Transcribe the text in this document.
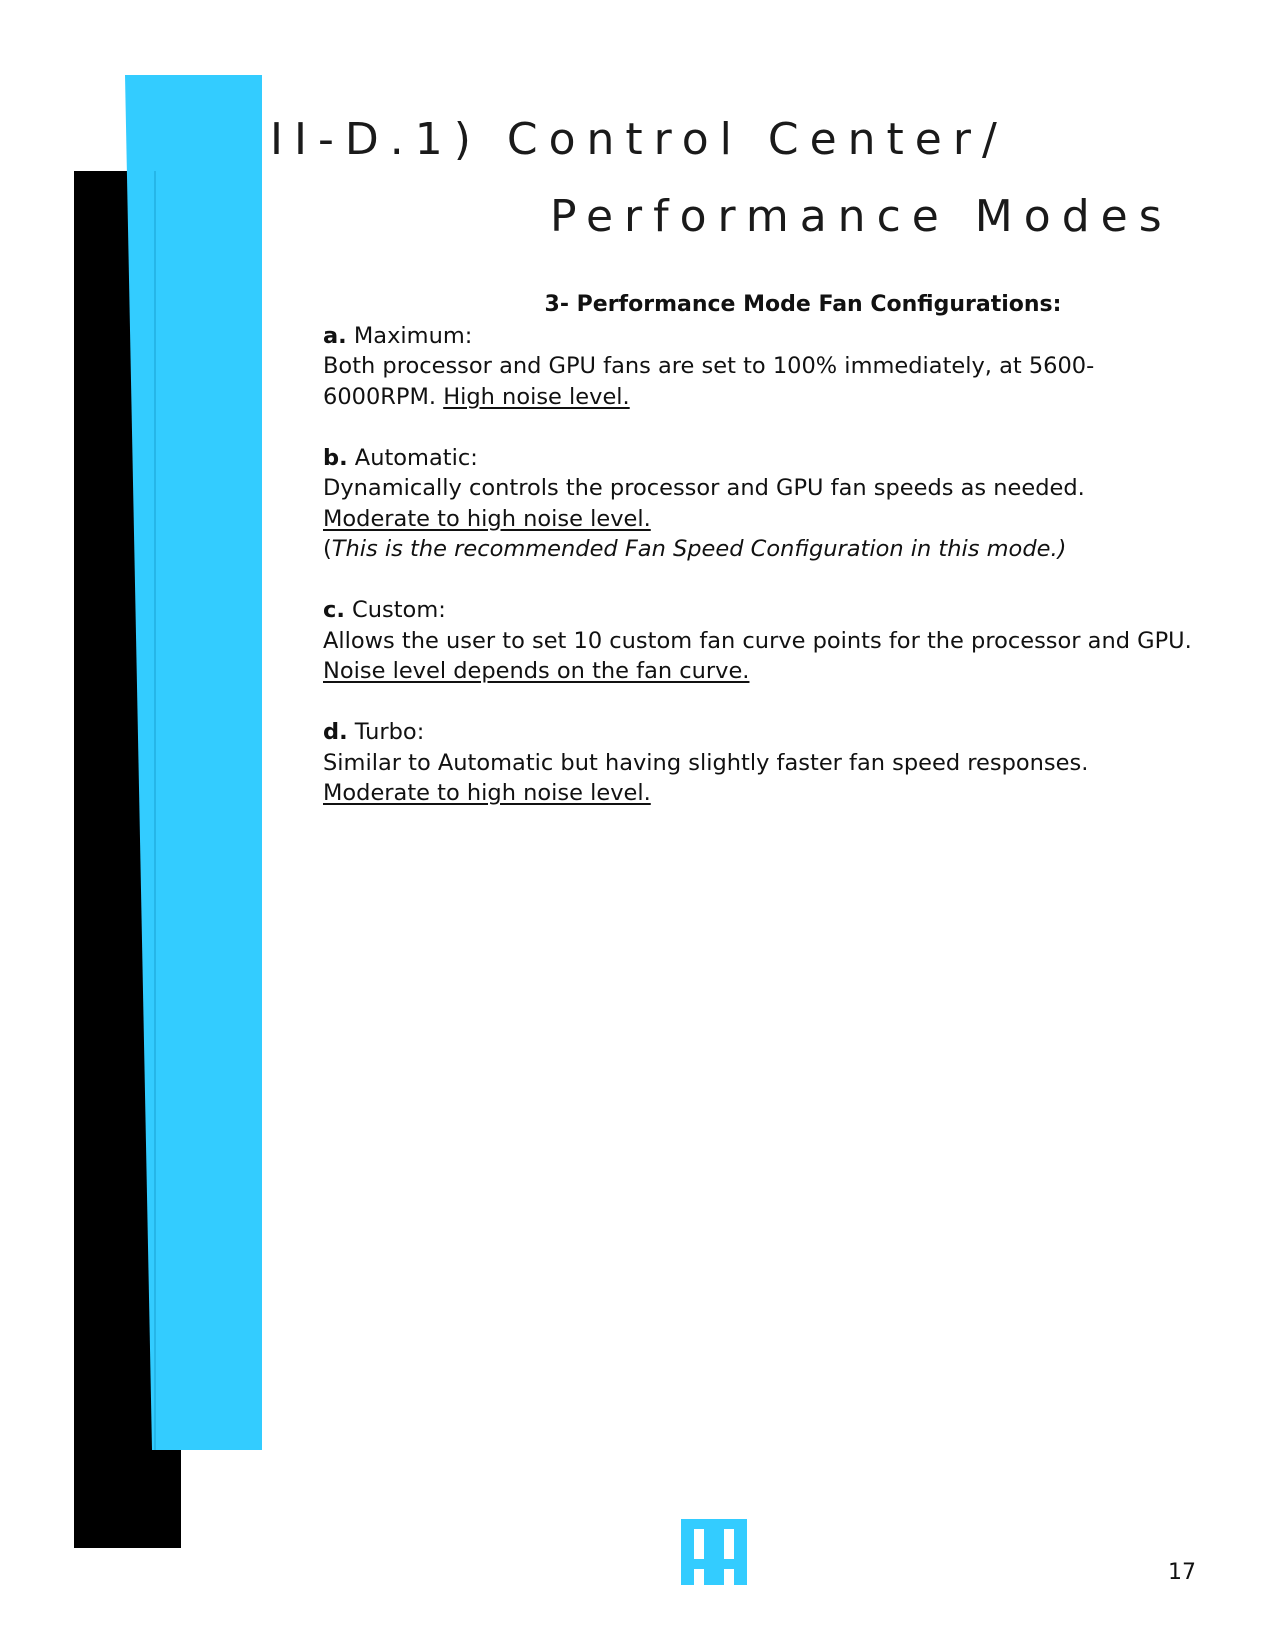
II-D.1) Control Center/
Performance Modes

3- Performance Mode Fan Configurations:

a. Maximum:

Both processor and GPU fans are set to 100% immediately, at 5600-6000RPM. High noise level.

b. Automatic:

Dynamically controls the processor and GPU fan speeds as needed.

Moderate to high noise level.

(This is the recommended Fan Speed Configuration in this mode.)

c. Custom:

Allows the user to set 10 custom fan curve points for the processor and GPU. Noise level depends on the fan curve.

d. Turbo:

Similar to Automatic but having slightly faster fan speed responses.

Moderate to high noise level.

17
